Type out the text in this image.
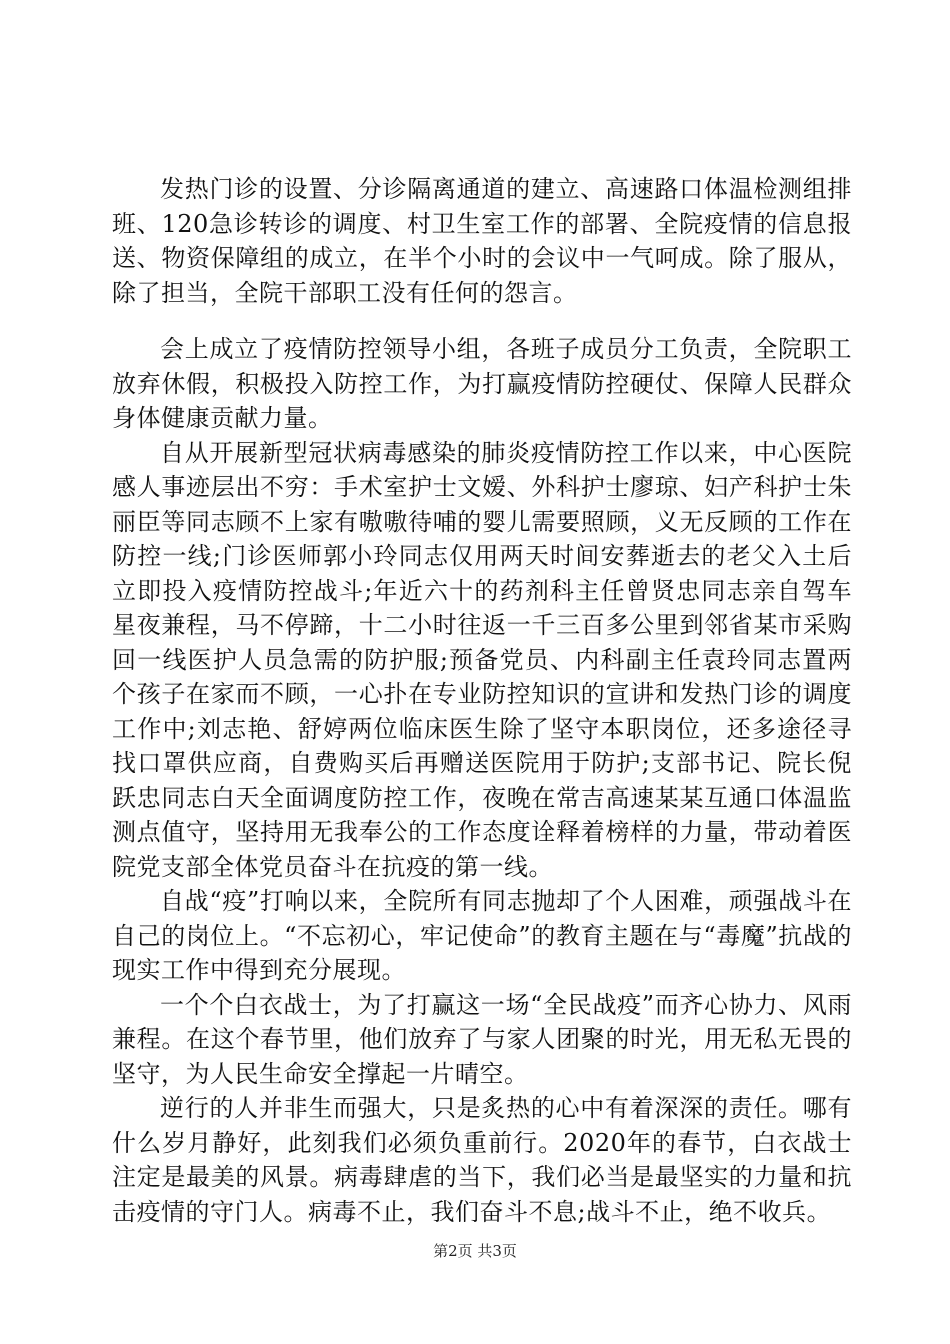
发热门诊的设置、分诊隔离通道的建立、高速路口体温检测组排班、120急诊转诊的调度、村卫生室工作的部署、全院疫情的信息报送、物资保障组的成立，在半个小时的会议中一气呵成。除了服从，除了担当，全院干部职工没有任何的怨言。

会上成立了疫情防控领导小组，各班子成员分工负责，全院职工放弃休假，积极投入防控工作，为打赢疫情防控硬仗、保障人民群众身体健康贡献力量。

自从开展新型冠状病毒感染的肺炎疫情防控工作以来，中心医院感人事迹层出不穷：手术室护士文嫒、外科护士廖琼、妇产科护士朱丽臣等同志顾不上家有嗷嗷待哺的婴儿需要照顾，义无反顾的工作在防控一线;门诊医师郭小玲同志仅用两天时间安葬逝去的老父入土后立即投入疫情防控战斗;年近六十的药剂科主任曾贤忠同志亲自驾车星夜兼程，马不停蹄，十二小时往返一千三百多公里到邻省某市采购回一线医护人员急需的防护服;预备党员、内科副主任袁玲同志置两个孩子在家而不顾，一心扑在专业防控知识的宣讲和发热门诊的调度工作中;刘志艳、舒婷两位临床医生除了坚守本职岗位，还多途径寻找口罩供应商，自费购买后再赠送医院用于防护;支部书记、院长倪跃忠同志白天全面调度防控工作，夜晚在常吉高速某某互通口体温监测点值守，坚持用无我奉公的工作态度诠释着榜样的力量，带动着医院党支部全体党员奋斗在抗疫的第一线。

自战“疫”打响以来，全院所有同志抛却了个人困难，顽强战斗在自己的岗位上。“不忘初心，牢记使命”的教育主题在与“毒魔”抗战的现实工作中得到充分展现。

一个个白衣战士，为了打赢这一场“全民战疫”而齐心协力、风雨兼程。在这个春节里，他们放弃了与家人团聚的时光，用无私无畏的坚守，为人民生命安全撑起一片晴空。

逆行的人并非生而强大，只是炙热的心中有着深深的责任。哪有什么岁月静好，此刻我们必须负重前行。2020年的春节，白衣战士注定是最美的风景。病毒肆虐的当下，我们必当是最坚实的力量和抗击疫情的守门人。病毒不止，我们奋斗不息;战斗不止，绝不收兵。

第2页 共3页
